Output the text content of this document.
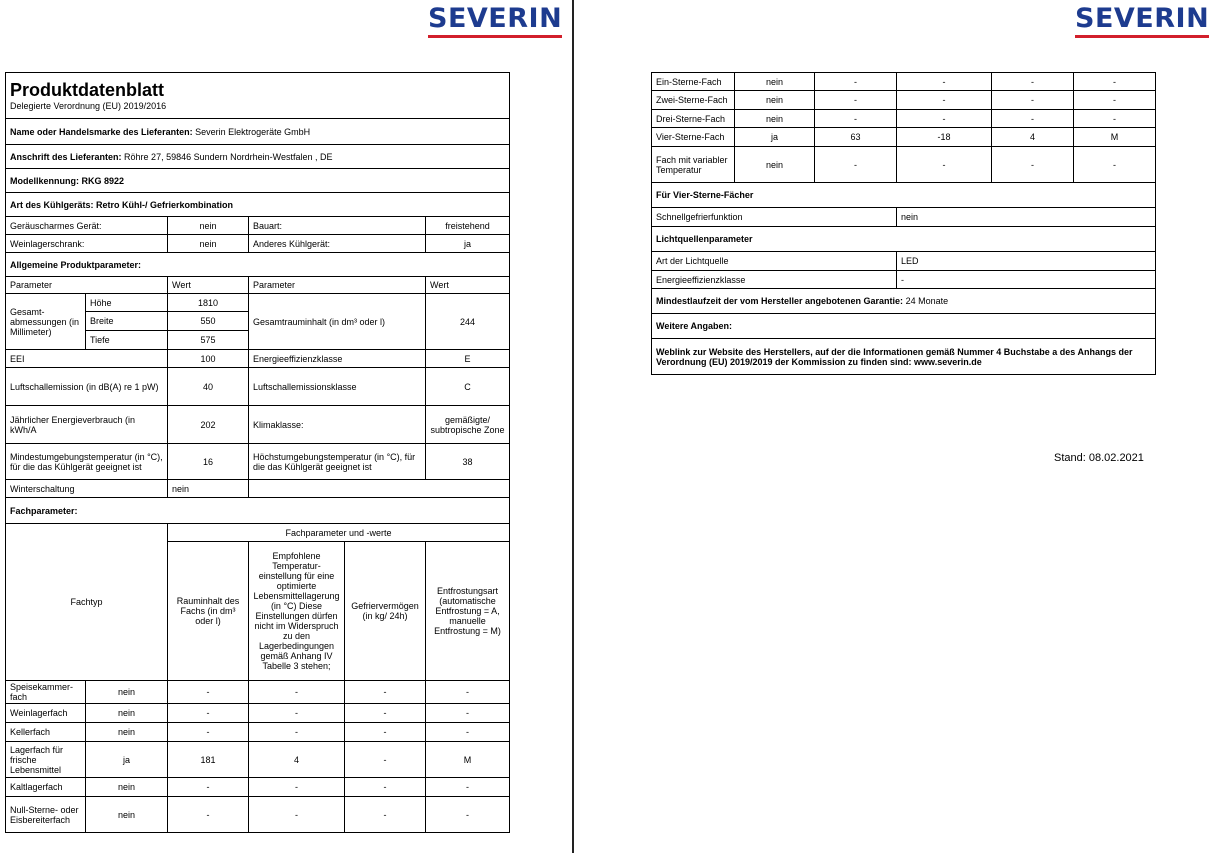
SEVERIN	SEVERIN
Produktdatenblatt
Delegierte Verordnung (EU) 2019/2016					

Name oder Handelsmarke des Lieferanten: Severin Elektrogeräte GmbH					
Anschrift des Lieferanten: Röhre 27, 59846 Sundern Nordrhein-Westfalen , DE					
Modellkennung: RKG 8922					
Art des Kühlgeräts: Retro Kühl-/ Gefrierkombination					
Geräuscharmes Gerät:		nein	Bauart:		freistehend
Weinlagerschrank:		nein	Anderes Kühlgerät:		ja
Allgemeine Produktparameter:					
Parameter		Wert	Parameter		Wert
Gesamt-abmessungen (in Millimeter)	Höhe	1810	Gesamtrauminhalt (in dm³ oder l)		244
	Breite	550			
	Tiefe	575			
EEI		100	Energieeffizienzklasse		E
Luftschallemission (in dB(A) re 1 pW)		40	Luftschallemissionsklasse		C
Jährlicher Energieverbrauch (in kWh/A		202	Klimaklasse:		gemäßigte/ subtropische Zone
Mindestumgebungstemperatur (in °C), für die das Kühlgerät geeignet ist		16	Höchstumgebungstemperatur (in °C), für die das Kühlgerät geeignet ist		38
Winterschaltung		nein			
Fachparameter:					
Fachtyp		Fachparameter und -werte			
		Rauminhalt des Fachs (in dm³ oder l)	Empfohlene Temperatur-einstellung für eine optimierte Lebensmittellagerung (in °C) Diese Einstellungen dürfen nicht im Widerspruch zu den Lagerbedingungen gemäß Anhang IV Tabelle 3 stehen;	Gefriervermögen (in kg/ 24h)	Entfrostungsart (automatische Entfrostung = A, manuelle Entfrostung = M)
Speisekammer-fach	nein	-	-	-	-
Weinlagerfach	nein	-	-	-	-
Kellerfach	nein	-	-	-	-
Lagerfach für frische Lebensmittel	ja	181	4	-	M
Kaltlagerfach	nein	-	-	-	-
Null-Sterne- oder Eisbereiterfach	nein	-	-	-	-
Ein-Sterne-Fach	nein	-	-	-	-
Zwei-Sterne-Fach	nein	-	-	-	-
Drei-Sterne-Fach	nein	-	-	-	-
Vier-Sterne-Fach	ja	63	-18	4	M
Fach mit variabler Temperatur	nein	-	-	-	-
Für Vier-Sterne-Fächer					
Schnellgefrierfunktion			nein		
Lichtquellenparameter					
Art der Lichtquelle			LED		
Energieeffizienzklasse			-		
Mindestlaufzeit der vom Hersteller angebotenen Garantie: 24 Monate					
Weitere Angaben:					
Weblink zur Website des Herstellers, auf der die Informationen gemäß Nummer 4 Buchstabe a des Anhangs der Verordnung (EU) 2019/2019 der Kommission zu finden sind: www.severin.de					
Stand: 08.02.2021
